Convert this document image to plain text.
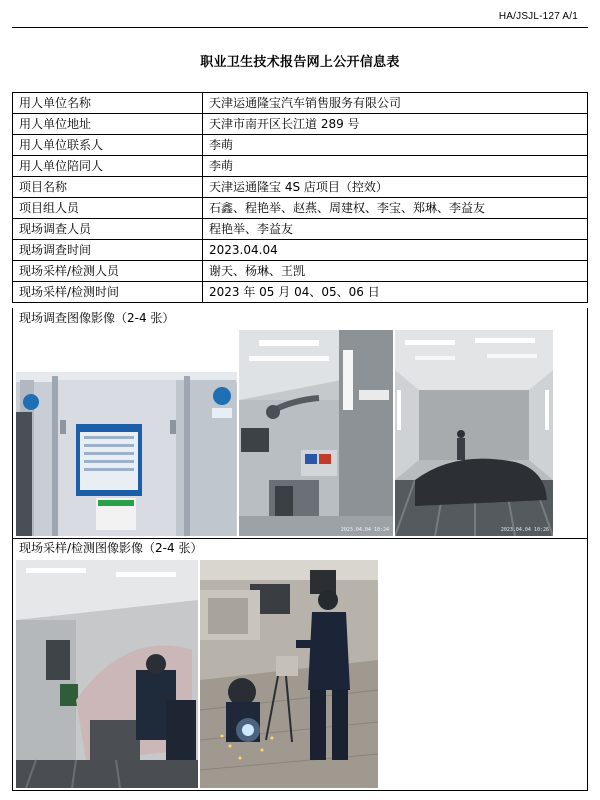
HA/JSJL-127 A/1
职业卫生技术报告网上公开信息表
用人单位名称	天津运通隆宝汽车销售服务有限公司
用人单位地址	天津市南开区长江道 289 号
用人单位联系人	李萌
用人单位陪同人	李萌
项目名称	天津运通隆宝 4S 店项目（控效）
项目组人员	石鑫、程艳举、赵燕、周建权、李宝、郑琳、李益友
现场调查人员	程艳举、李益友
现场调查时间	2023.04.04
现场采样/检测人员	谢天、杨琳、王凯
现场采样/检测时间	2023 年 05 月 04、05、06 日
现场调查图像影像（2-4 张）
2023.04.04 10:24	2023.04.04 10:26
现场采样/检测图像影像（2-4 张）
